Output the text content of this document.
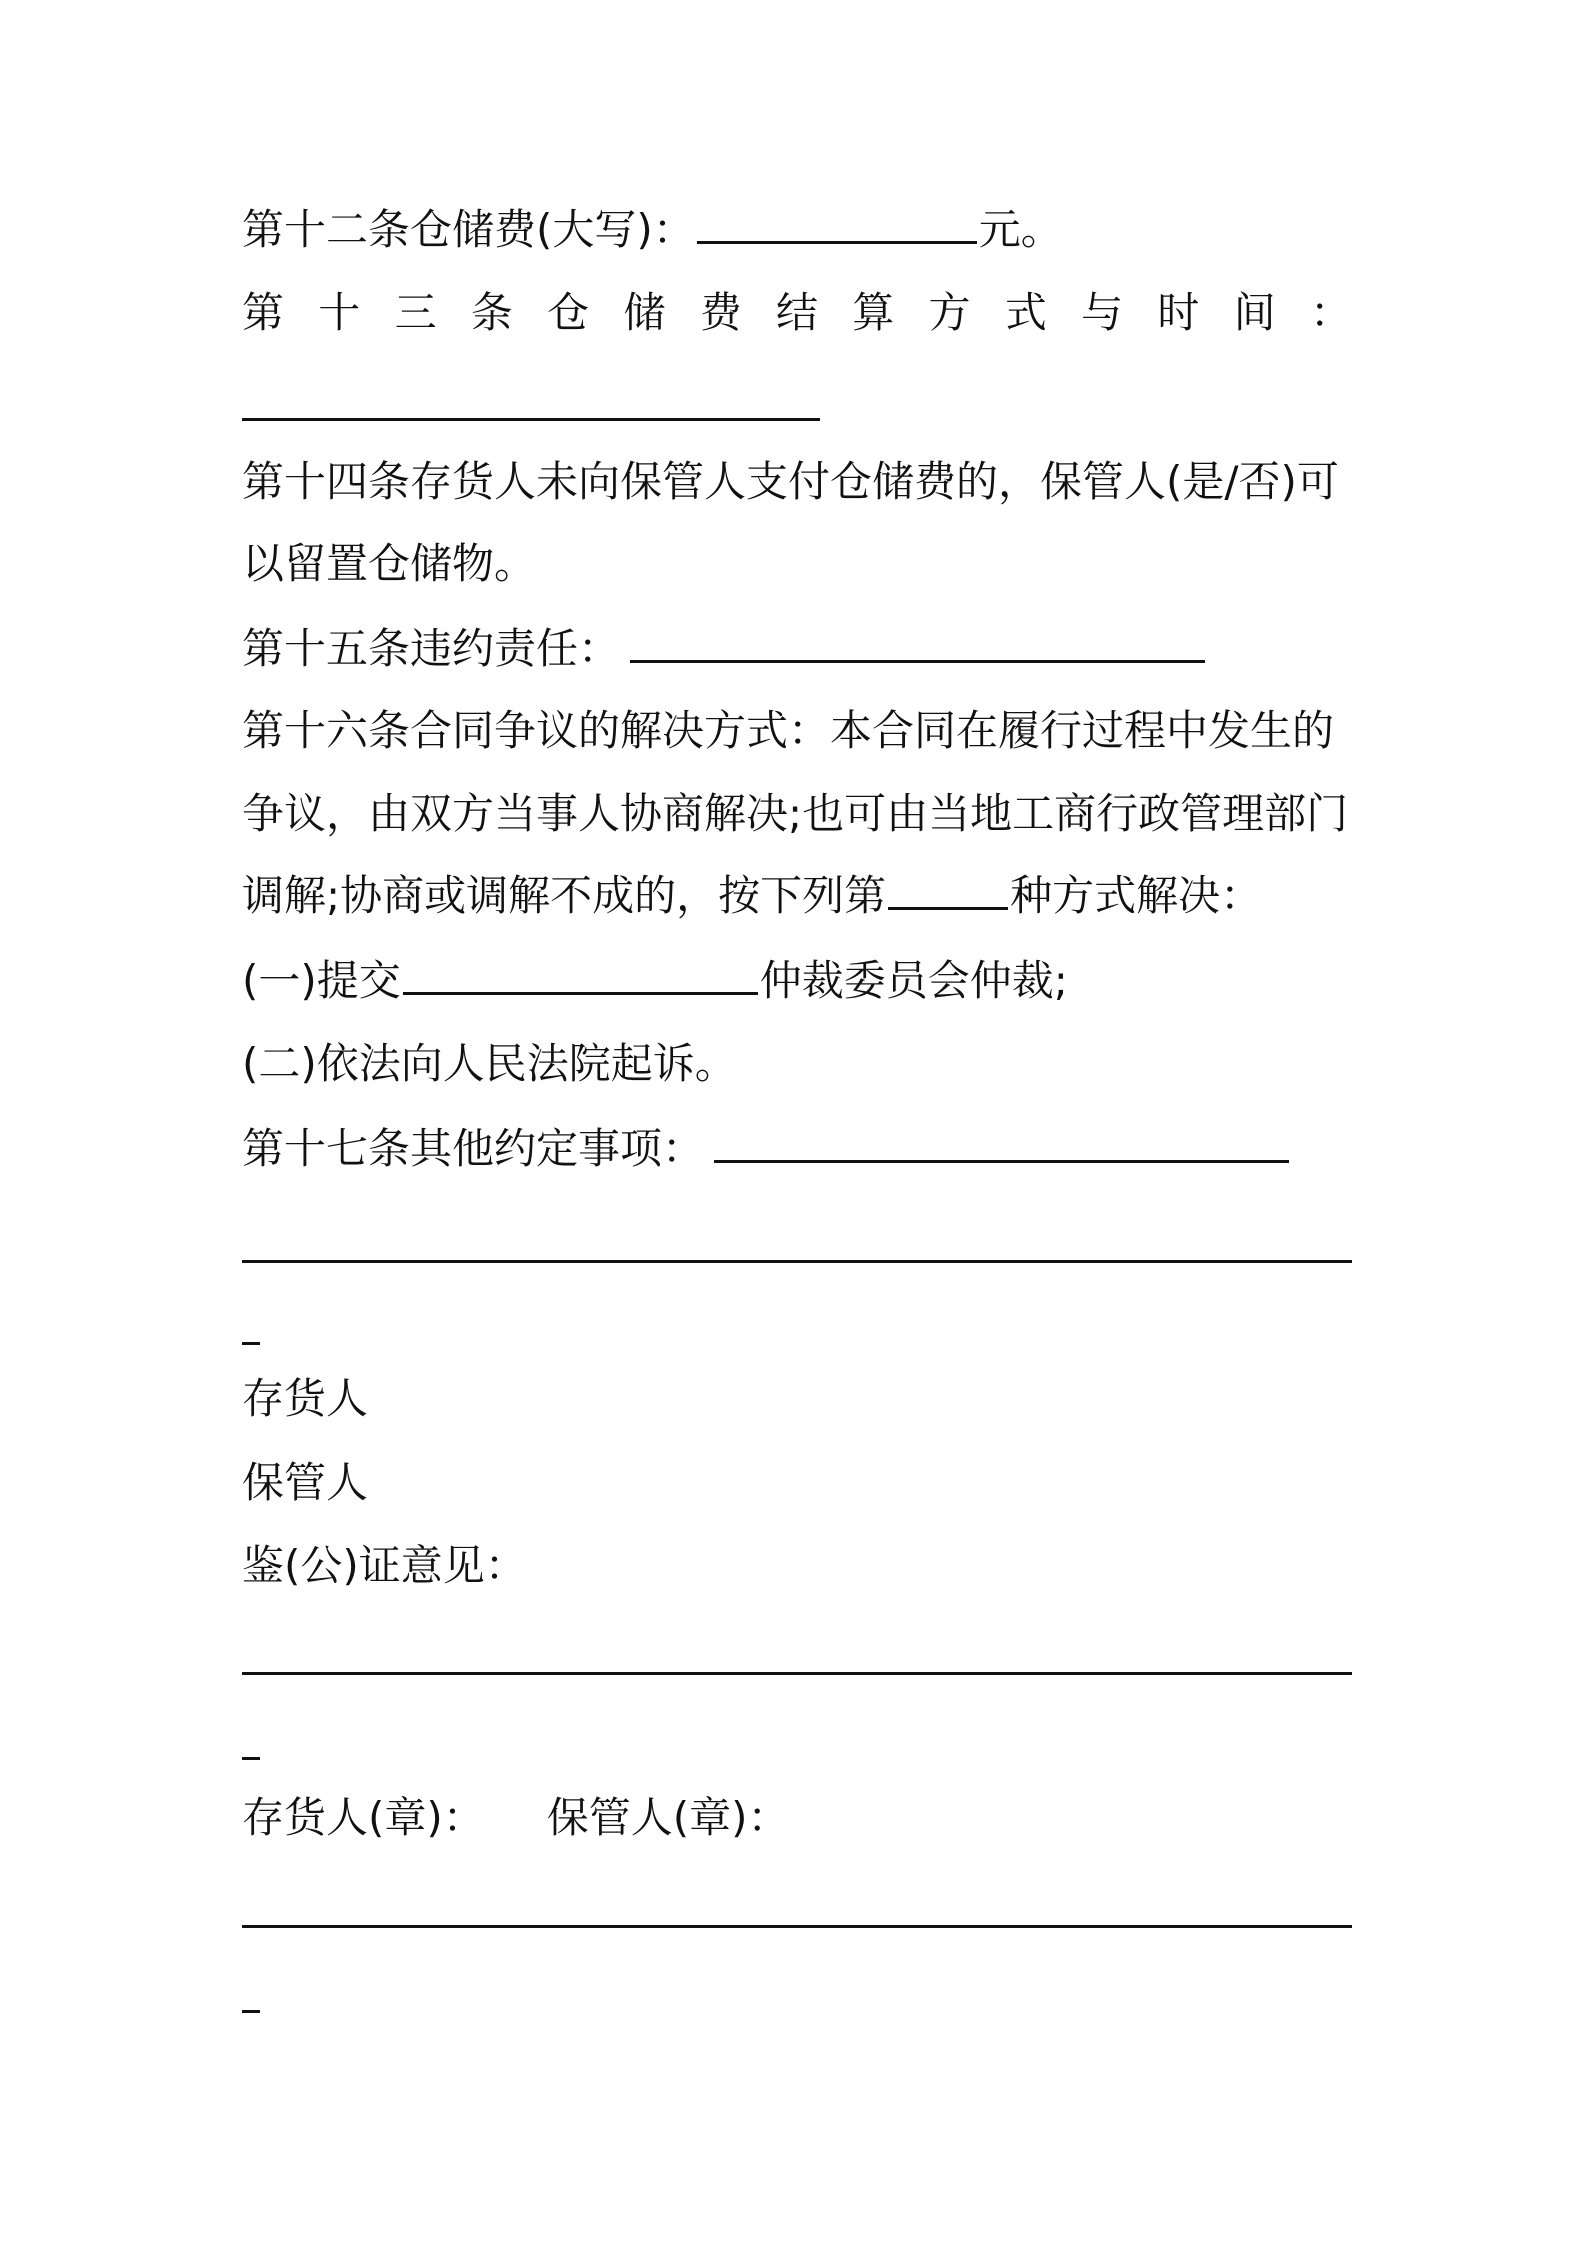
第十二条仓储费(大写)：	元。
第 十 三 条 仓 储 费 结 算 方 式 与 时 间 ：
第十四条存货人未向保管人支付仓储费的，保管人(是/否)可
以留置仓储物。
第十五条违约责任：
第十六条合同争议的解决方式：本合同在履行过程中发生的
争议，由双方当事人协商解决;也可由当地工商行政管理部门
调解;协商或调解不成的，按下列第	种方式解决：
(一)提交	仲裁委员会仲裁;
(二)依法向人民法院起诉。
第十七条其他约定事项：
存货人
保管人
鉴(公)证意见：
存货人(章)： 保管人(章)：
